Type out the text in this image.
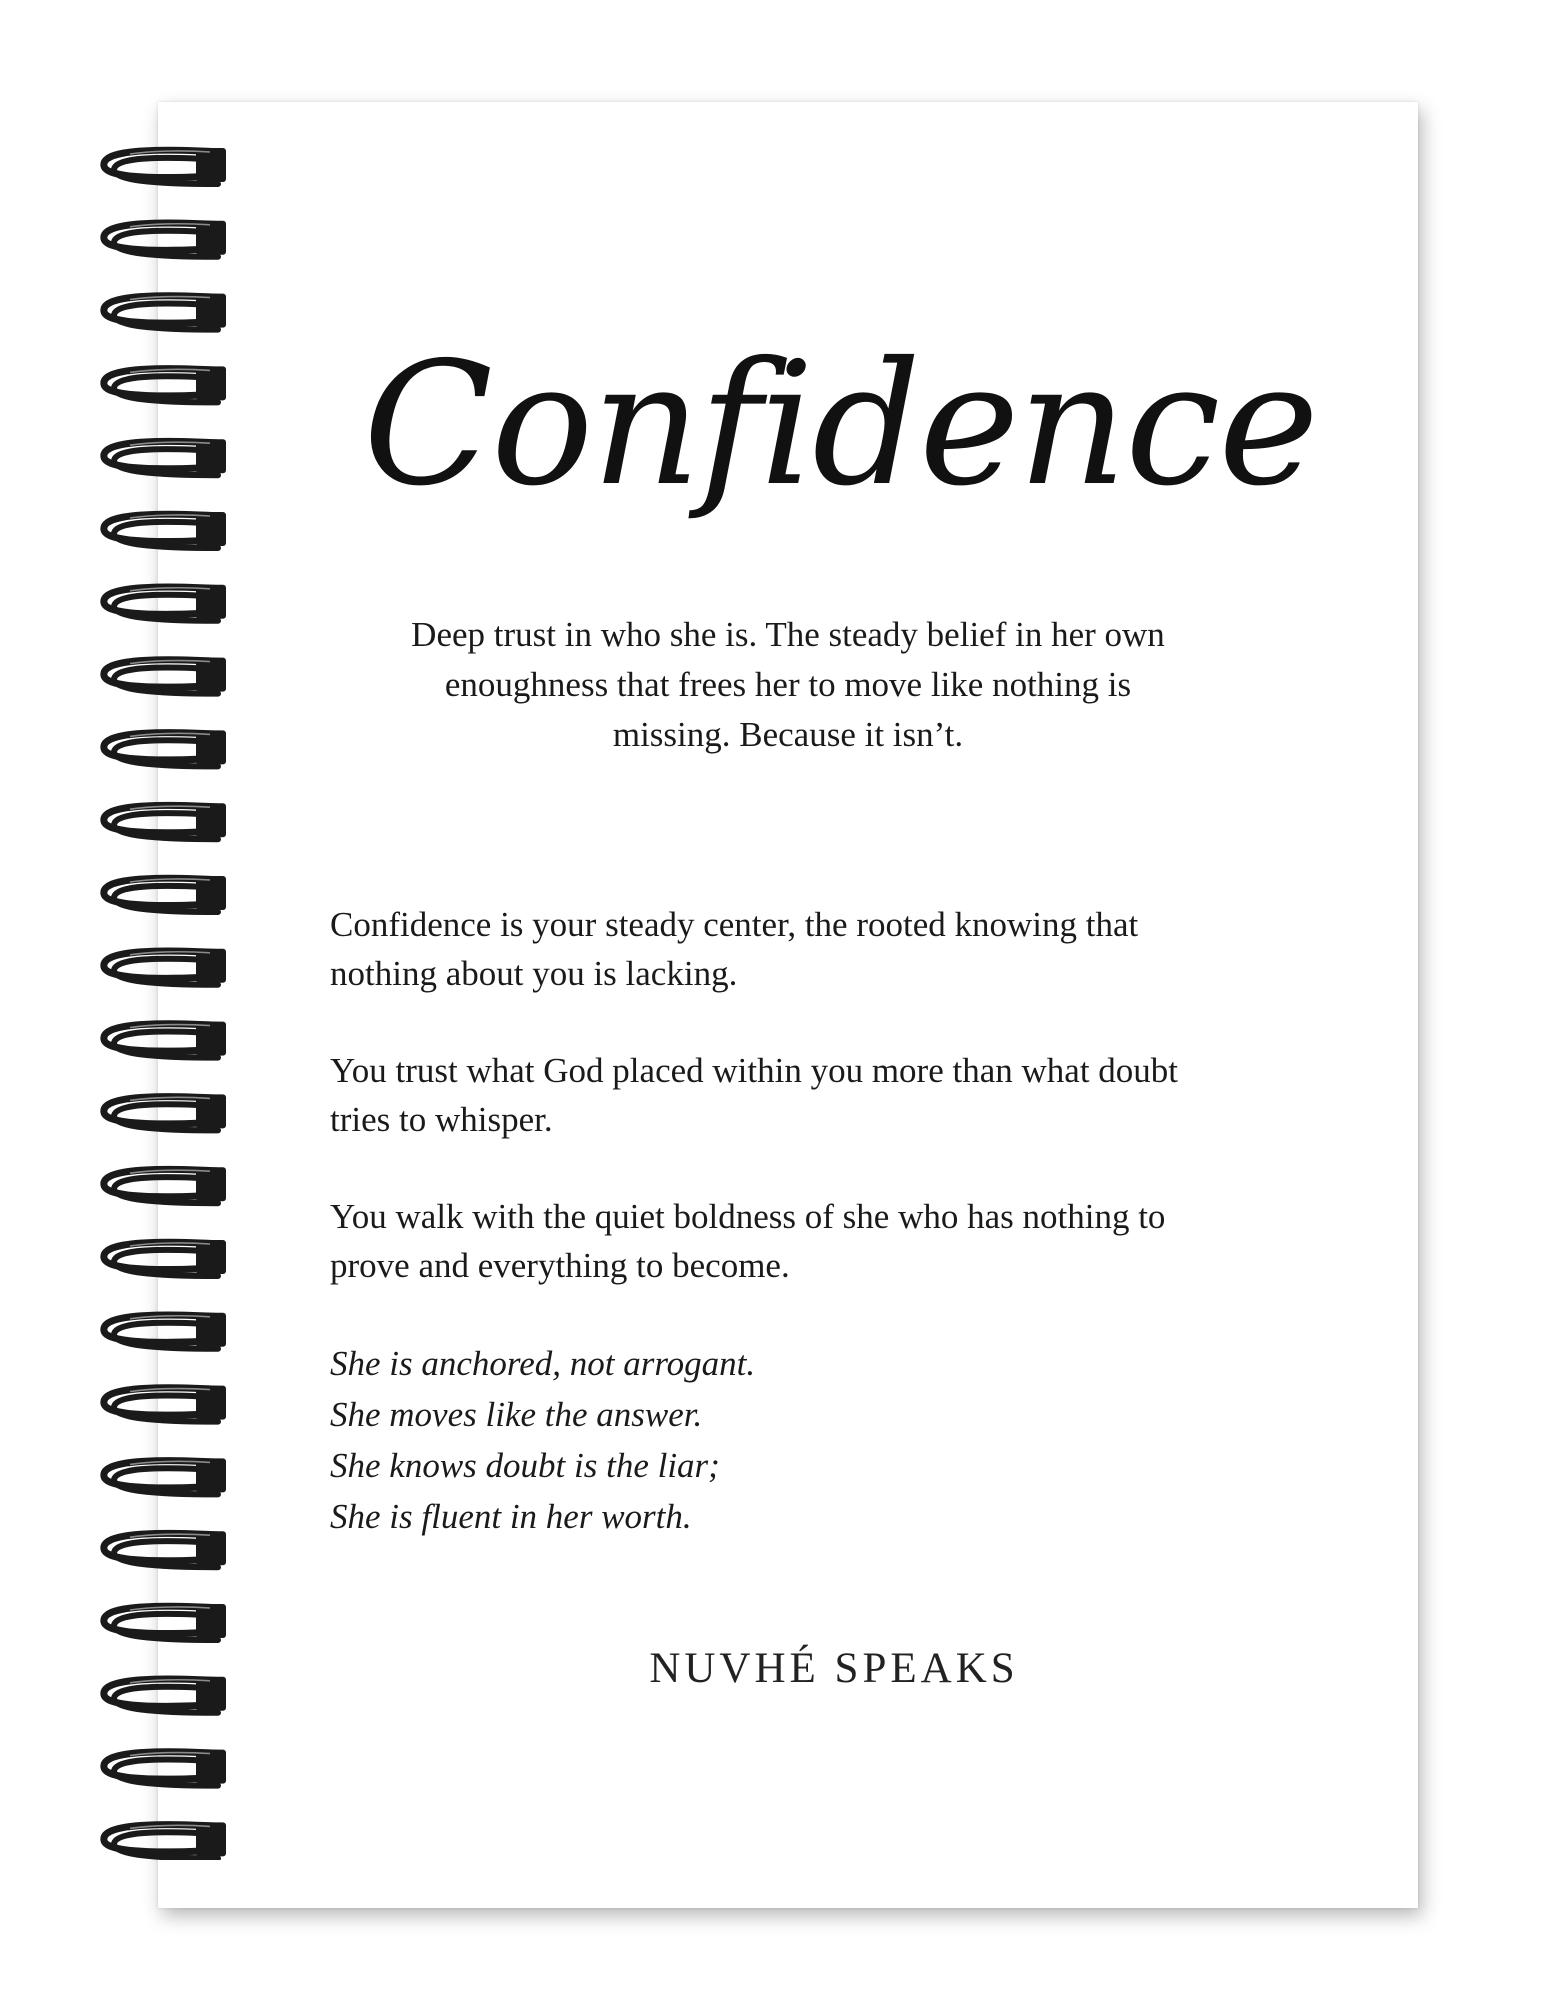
Confidence

Deep trust in who she is. The steady belief in her own enoughness that frees her to move like nothing is missing. Because it isn’t.

Confidence is your steady center, the rooted knowing that nothing about you is lacking.

You trust what God placed within you more than what doubt tries to whisper.

You walk with the quiet boldness of she who has nothing to prove and everything to become.

She is anchored, not arrogant.
She moves like the answer.
She knows doubt is the liar;
She is fluent in her worth.
NUVHÉ SPEAKS
